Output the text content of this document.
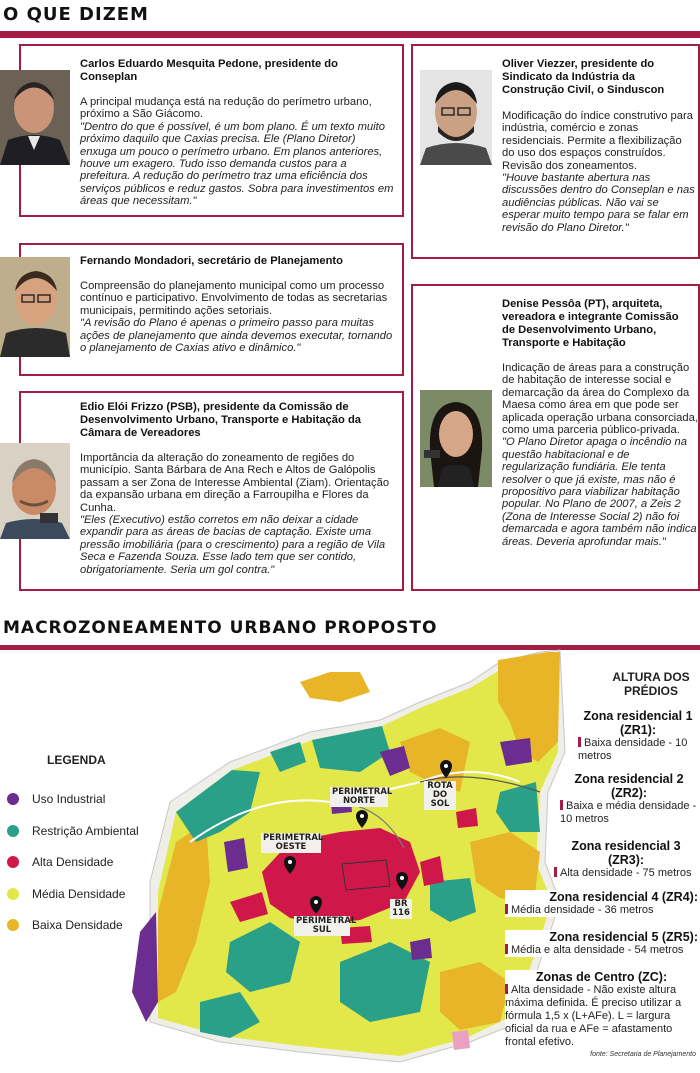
O QUE DIZEM
Carlos Eduardo Mesquita Pedone, presidente do Conseplan
A principal mudança está na redução do perímetro urbano, próximo a São Giácomo.
"Dentro do que é possível, é um bom plano. É um texto muito próximo daquilo que Caxias precisa. Ele (Plano Diretor) enxuga um pouco o perímetro urbano. Em planos anteriores, houve um exagero. Tudo isso demanda custos para a prefeitura. A redução do perímetro traz uma eficiência dos serviços públicos e reduz gastos. Sobra para investimentos em áreas que necessitam."
Fernando Mondadori, secretário de Planejamento
Compreensão do planejamento municipal como um processo contínuo e participativo. Envolvimento de todas as secretarias municipais, permitindo ações setoriais.
"A revisão do Plano é apenas o primeiro passo para muitas ações de planejamento que ainda devemos executar, tornando o planejamento de Caxias ativo e dinâmico."
Edio Elói Frizzo (PSB), presidente da Comissão de Desenvolvimento Urbano, Transporte e Habitação da Câmara de Vereadores
Importância da alteração do zoneamento de regiões do município. Santa Bárbara de Ana Rech e Altos de Galópolis passam a ser Zona de Interesse Ambiental (Ziam). Orientação da expansão urbana em direção a Farroupilha e Flores da Cunha.
"Eles (Executivo) estão corretos em não deixar a cidade expandir para as áreas de bacias de captação. Existe uma pressão imobiliária (para o crescimento) para a região de Vila Seca e Fazenda Souza. Esse lado tem que ser contido, obrigatoriamente. Seria um gol contra."
Oliver Viezzer, presidente do Sindicato da Indústria da Construção Civil, o Sinduscon
Modificação do índice construtivo para indústria, comércio e zonas residenciais. Permite a flexibilização do uso dos espaços construídos. Revisão dos zoneamentos.
"Houve bastante abertura nas discussões dentro do Conseplan e nas audiências públicas. Não vai se esperar muito tempo para se falar em revisão do Plano Diretor."
Denise Pessôa (PT), arquiteta, vereadora e integrante Comissão de Desenvolvimento Urbano, Transporte e Habitação
Indicação de áreas para a construção de habitação de interesse social e demarcação da área do Complexo da Maesa como área em que pode ser aplicada operação urbana consorciada, como uma parceria público-privada.
"O Plano Diretor apaga o incêndio na questão habitacional e de regularização fundiária. Ele tenta resolver o que já existe, mas não é propositivo para viabilizar habitação popular. No Plano de 2007, a Zeis 2 (Zona de Interesse Social 2) não foi demarcada e agora também não indica áreas. Deveria aprofundar mais."
MACROZONEAMENTO URBANO PROPOSTO
PERIMETRAL NORTE
PERIMETRAL OESTE
PERIMETRAL SUL
ROTA DO SOL
BR 116
LEGENDA
Uso Industrial
Restrição Ambiental
Alta Densidade
Média Densidade
Baixa Densidade
ALTURA DOS PRÉDIOS
Zona residencial 1 (ZR1):
Baixa densidade - 10 metros
Zona residencial 2 (ZR2):
Baixa e média densidade - 10 metros
Zona residencial 3 (ZR3):
Alta densidade - 75 metros
Zona residencial 4 (ZR4):
Média densidade - 36 metros
Zona residencial 5 (ZR5):
Média e alta densidade - 54 metros
Zonas de Centro (ZC):
Alta densidade - Não existe altura máxima definida. É preciso utilizar a fórmula 1,5 x (L+AFe). L = largura oficial da rua e AFe = afastamento frontal efetivo.
fonte: Secretaria de Planejamento
